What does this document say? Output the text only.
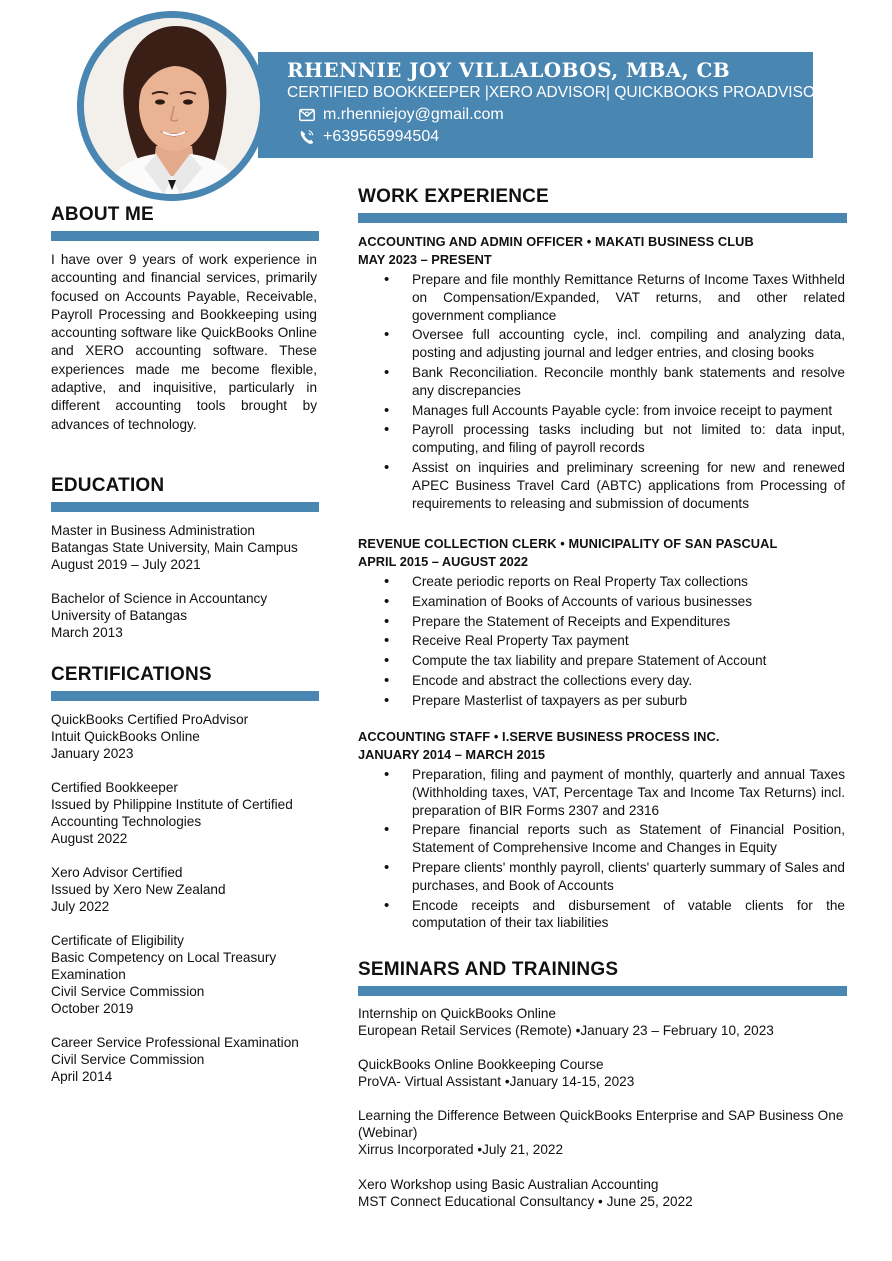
RHENNIE JOY VILLALOBOS, MBA, CB
CERTIFIED BOOKKEEPER |XERO ADVISOR| QUICKBOOKS PROADVISOR
m.rhenniejoy@gmail.com
+639565994504
ABOUT ME
I have over 9 years of work experience in accounting and financial services, primarily focused on Accounts Payable, Receivable, Payroll Processing and Bookkeeping using accounting software like QuickBooks Online and XERO accounting software. These experiences made me become flexible, adaptive, and inquisitive, particularly in different accounting tools brought by advances of technology.
EDUCATION
Master in Business Administration
Batangas State University, Main Campus
August 2019 – July 2021
Bachelor of Science in Accountancy
University of Batangas
March 2013
CERTIFICATIONS
QuickBooks Certified ProAdvisor
Intuit QuickBooks Online
January 2023
Certified Bookkeeper
Issued by Philippine Institute of Certified Accounting Technologies
August 2022
Xero Advisor Certified
Issued by Xero New Zealand
July 2022
Certificate of Eligibility
Basic Competency on Local Treasury Examination
Civil Service Commission
October 2019
Career Service Professional Examination
Civil Service Commission
April 2014
WORK EXPERIENCE
ACCOUNTING AND ADMIN OFFICER • MAKATI BUSINESS CLUB
MAY 2023 – PRESENT
• Prepare and file monthly Remittance Returns of Income Taxes Withheld on Compensation/Expanded, VAT returns, and other related government compliance
• Oversee full accounting cycle, incl. compiling and analyzing data, posting and adjusting journal and ledger entries, and closing books
• Bank Reconciliation. Reconcile monthly bank statements and resolve any discrepancies
• Manages full Accounts Payable cycle: from invoice receipt to payment
• Payroll processing tasks including but not limited to: data input, computing, and filing of payroll records
• Assist on inquiries and preliminary screening for new and renewed APEC Business Travel Card (ABTC) applications from Processing of requirements to releasing and submission of documents
REVENUE COLLECTION CLERK • MUNICIPALITY OF SAN PASCUAL
APRIL 2015 – AUGUST 2022
• Create periodic reports on Real Property Tax collections
• Examination of Books of Accounts of various businesses
• Prepare the Statement of Receipts and Expenditures
• Receive Real Property Tax payment
• Compute the tax liability and prepare Statement of Account
• Encode and abstract the collections every day.
• Prepare Masterlist of taxpayers as per suburb
ACCOUNTING STAFF • I.SERVE BUSINESS PROCESS INC.
JANUARY 2014 – MARCH 2015
• Preparation, filing and payment of monthly, quarterly and annual Taxes (Withholding taxes, VAT, Percentage Tax and Income Tax Returns) incl. preparation of BIR Forms 2307 and 2316
• Prepare financial reports such as Statement of Financial Position, Statement of Comprehensive Income and Changes in Equity
• Prepare clients' monthly payroll, clients' quarterly summary of Sales and purchases, and Book of Accounts
• Encode receipts and disbursement of vatable clients for the computation of their tax liabilities
SEMINARS AND TRAININGS
Internship on QuickBooks Online
European Retail Services (Remote) •January 23 – February 10, 2023
QuickBooks Online Bookkeeping Course
ProVA- Virtual Assistant •January 14-15, 2023
Learning the Difference Between QuickBooks Enterprise and SAP Business One (Webinar)
Xirrus Incorporated •July 21, 2022
Xero Workshop using Basic Australian Accounting
MST Connect Educational Consultancy • June 25, 2022
